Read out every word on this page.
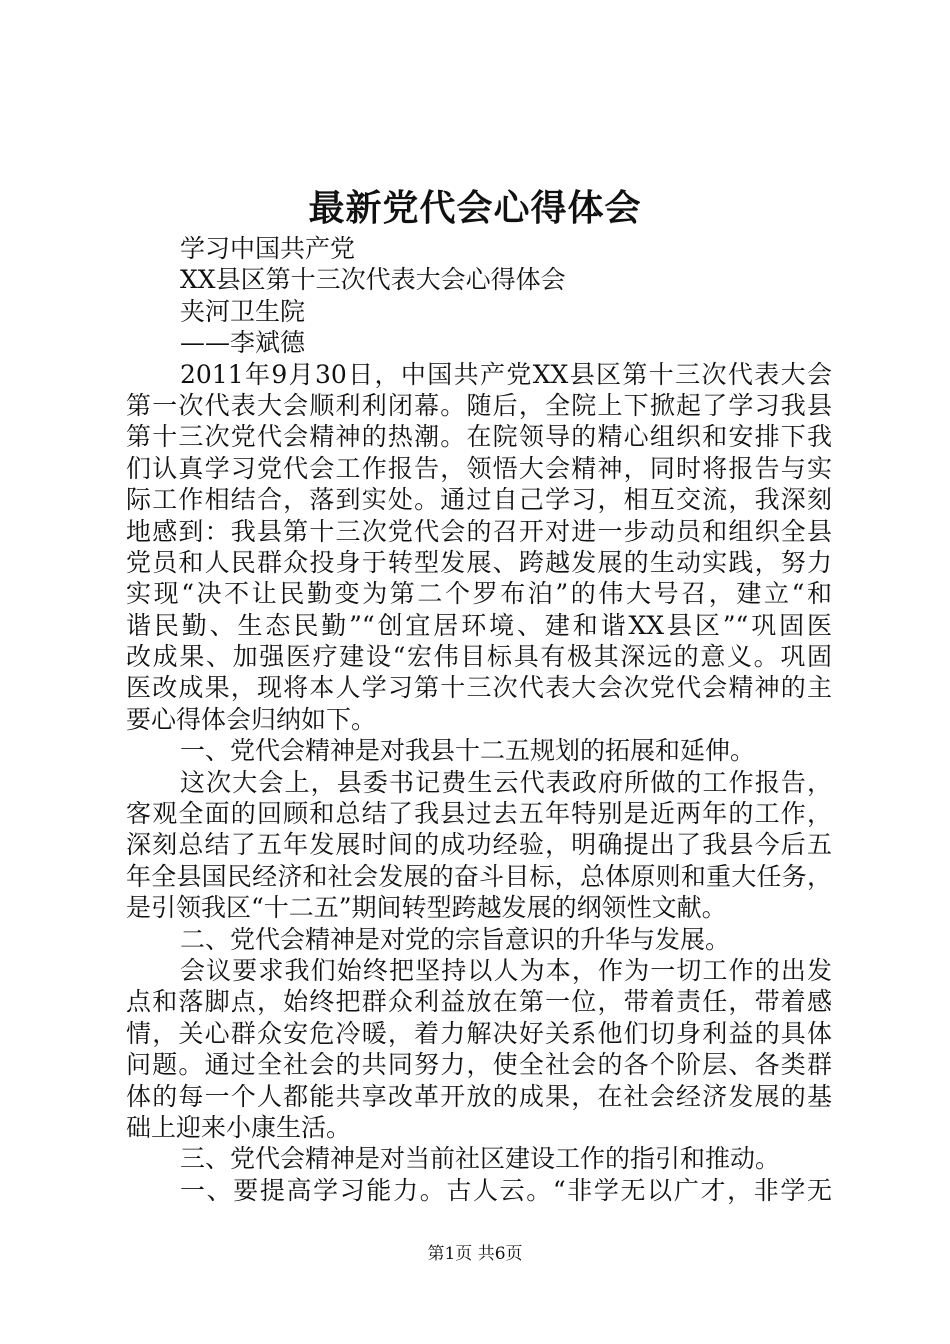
最新党代会心得体会
学习中国共产党
XX县区第十三次代表大会心得体会
夹河卫生院
——李斌德
2011年9月30日，中国共产党XX县区第十三次代表大会
第一次代表大会顺利利闭幕。随后，全院上下掀起了学习我县
第十三次党代会精神的热潮。在院领导的精心组织和安排下我
们认真学习党代会工作报告，领悟大会精神，同时将报告与实
际工作相结合，落到实处。通过自己学习，相互交流，我深刻
地感到：我县第十三次党代会的召开对进一步动员和组织全县
党员和人民群众投身于转型发展、跨越发展的生动实践，努力
实现“决不让民勤变为第二个罗布泊”的伟大号召，建立“和
谐民勤、生态民勤”“创宜居环境、建和谐XX县区”“巩固医
改成果、加强医疗建设“宏伟目标具有极其深远的意义。巩固
医改成果，现将本人学习第十三次代表大会次党代会精神的主
要心得体会归纳如下。
一、党代会精神是对我县十二五规划的拓展和延伸。
这次大会上，县委书记费生云代表政府所做的工作报告，
客观全面的回顾和总结了我县过去五年特别是近两年的工作，
深刻总结了五年发展时间的成功经验，明确提出了我县今后五
年全县国民经济和社会发展的奋斗目标，总体原则和重大任务，
是引领我区“十二五”期间转型跨越发展的纲领性文献。
二、党代会精神是对党的宗旨意识的升华与发展。
会议要求我们始终把坚持以人为本，作为一切工作的出发
点和落脚点，始终把群众利益放在第一位，带着责任，带着感
情，关心群众安危冷暖，着力解决好关系他们切身利益的具体
问题。通过全社会的共同努力，使全社会的各个阶层、各类群
体的每一个人都能共享改革开放的成果，在社会经济发展的基
础上迎来小康生活。
三、党代会精神是对当前社区建设工作的指引和推动。
一、要提高学习能力。古人云。“非学无以广才，非学无
第1页 共6页
